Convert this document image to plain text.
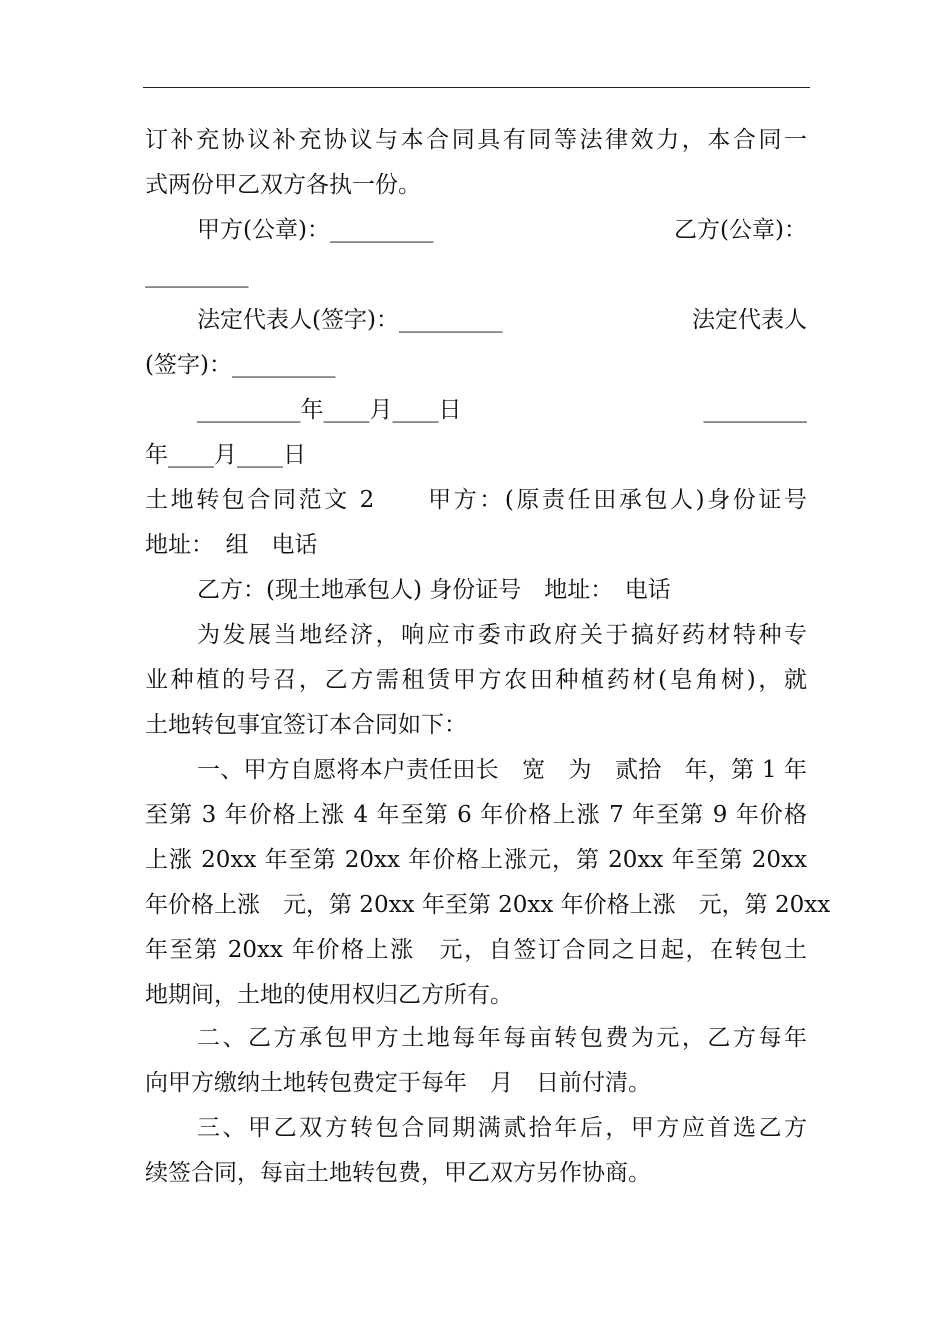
订补充协议补充协议与本合同具有同等法律效力，本合同一
式两份甲乙双方各执一份。
甲方(公章)：_________	乙方(公章)：
_________
法定代表人(签字)：_________	法定代表人
(签字)：_________
_________年____月____日	_________
年____月____日
土地转包合同范文 2　　甲方：(原责任田承包人)身份证号
地址：　组　电话
乙方：(现土地承包人) 身份证号　地址：　电话
为发展当地经济，响应市委市政府关于搞好药材特种专
业种植的号召，乙方需租赁甲方农田种植药材(皂角树)，就
土地转包事宜签订本合同如下：
一、甲方自愿将本户责任田长　宽　为　贰拾　年，第 1 年
至第 3 年价格上涨 4 年至第 6 年价格上涨 7 年至第 9 年价格
上涨 20xx 年至第 20xx 年价格上涨元，第 20xx 年至第 20xx
年价格上涨　元，第 20xx 年至第 20xx 年价格上涨　元，第 20xx
年至第 20xx 年价格上涨　元，自签订合同之日起，在转包土
地期间，土地的使用权归乙方所有。
二、乙方承包甲方土地每年每亩转包费为元，乙方每年
向甲方缴纳土地转包费定于每年　月　日前付清。
三、甲乙双方转包合同期满贰拾年后，甲方应首选乙方
续签合同，每亩土地转包费，甲乙双方另作协商。
